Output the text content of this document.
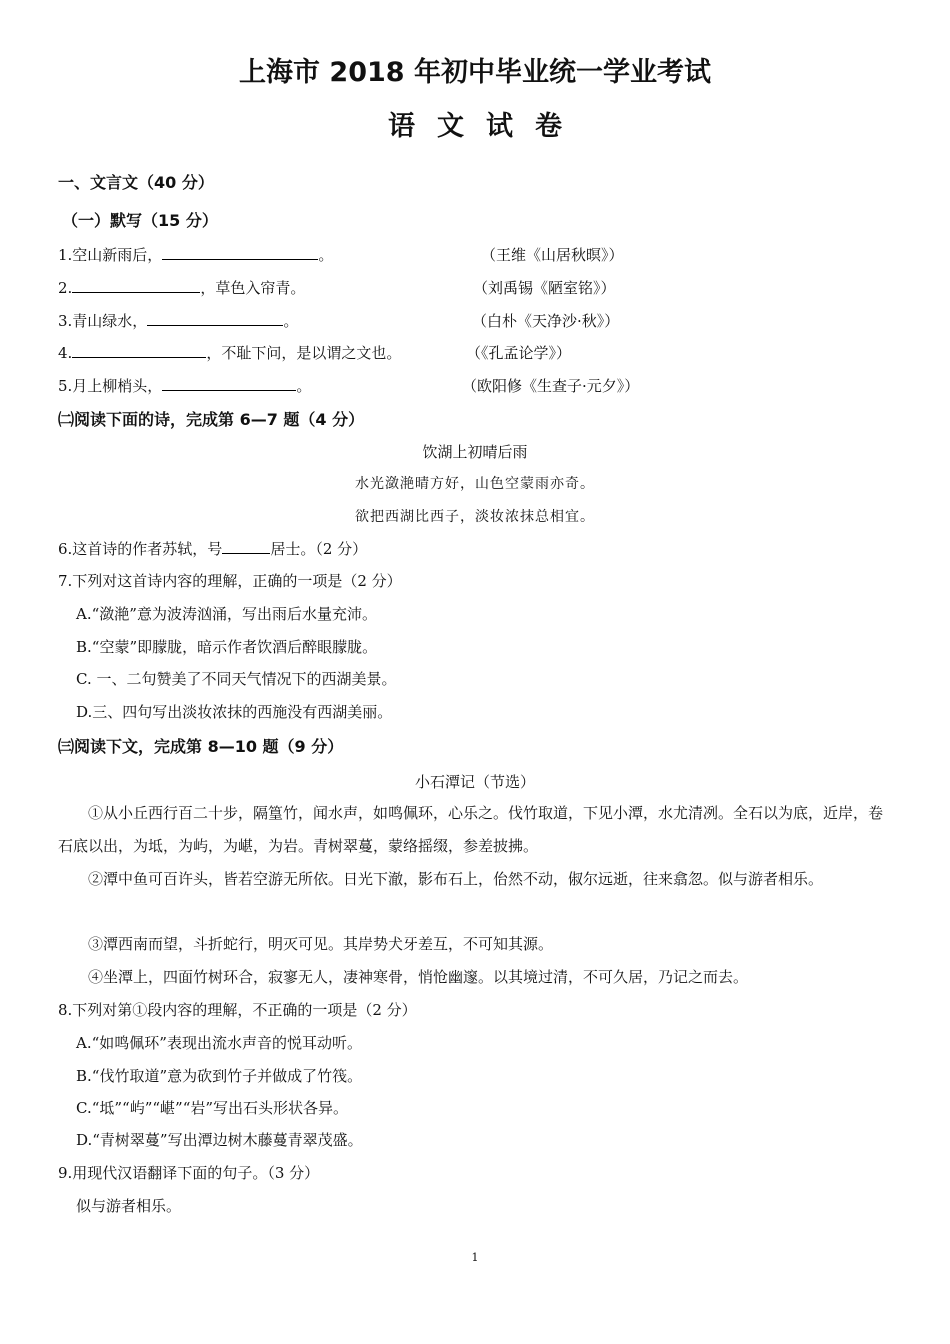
上海市 2018 年初中毕业统一学业考试
语文试卷
一、文言文（40 分）
（一）默写（15 分）
1.空山新雨后，	。	（王维《山居秋暝》）
2.	，草色入帘青。	（刘禹锡《陋室铭》）
3.青山绿水，	。	（白朴《天净沙·秋》）
4.	，不耻下问，是以谓之文也。	（《孔孟论学》）
5.月上柳梢头，	。	（欧阳修《生查子·元夕》）
㈡阅读下面的诗，完成第 6—7 题（4 分）
饮湖上初晴后雨
水光潋滟晴方好，山色空蒙雨亦奇。
欲把西湖比西子，淡妆浓抹总相宜。
6.这首诗的作者苏轼，号	居士。（2 分）
7.下列对这首诗内容的理解，正确的一项是（2 分）
A.“潋滟”意为波涛汹涌，写出雨后水量充沛。
B.“空蒙”即朦胧，暗示作者饮酒后醉眼朦胧。
C. 一、二句赞美了不同天气情况下的西湖美景。
D.三、四句写出淡妆浓抹的西施没有西湖美丽。
㈢阅读下文，完成第 8—10 题（9 分）
小石潭记（节选）
①从小丘西行百二十步，隔篁竹，闻水声，如鸣佩环，心乐之。伐竹取道，下见小潭，水尤清冽。全石以为底，近岸，卷石底以出，为坻，为屿，为嵁，为岩。青树翠蔓，蒙络摇缀，参差披拂。
②潭中鱼可百许头，皆若空游无所依。日光下澈，影布石上，佁然不动，俶尔远逝，往来翕忽。似与游者相乐。
③潭西南而望，斗折蛇行，明灭可见。其岸势犬牙差互，不可知其源。
④坐潭上，四面竹树环合，寂寥无人，凄神寒骨，悄怆幽邃。以其境过清，不可久居，乃记之而去。
8.下列对第①段内容的理解，不正确的一项是（2 分）
A.“如鸣佩环”表现出流水声音的悦耳动听。
B.“伐竹取道”意为砍到竹子并做成了竹筏。
C.“坻”“屿”“嵁”“岩”写出石头形状各异。
D.“青树翠蔓”写出潭边树木藤蔓青翠茂盛。
9.用现代汉语翻译下面的句子。（3 分）
似与游者相乐。
1
